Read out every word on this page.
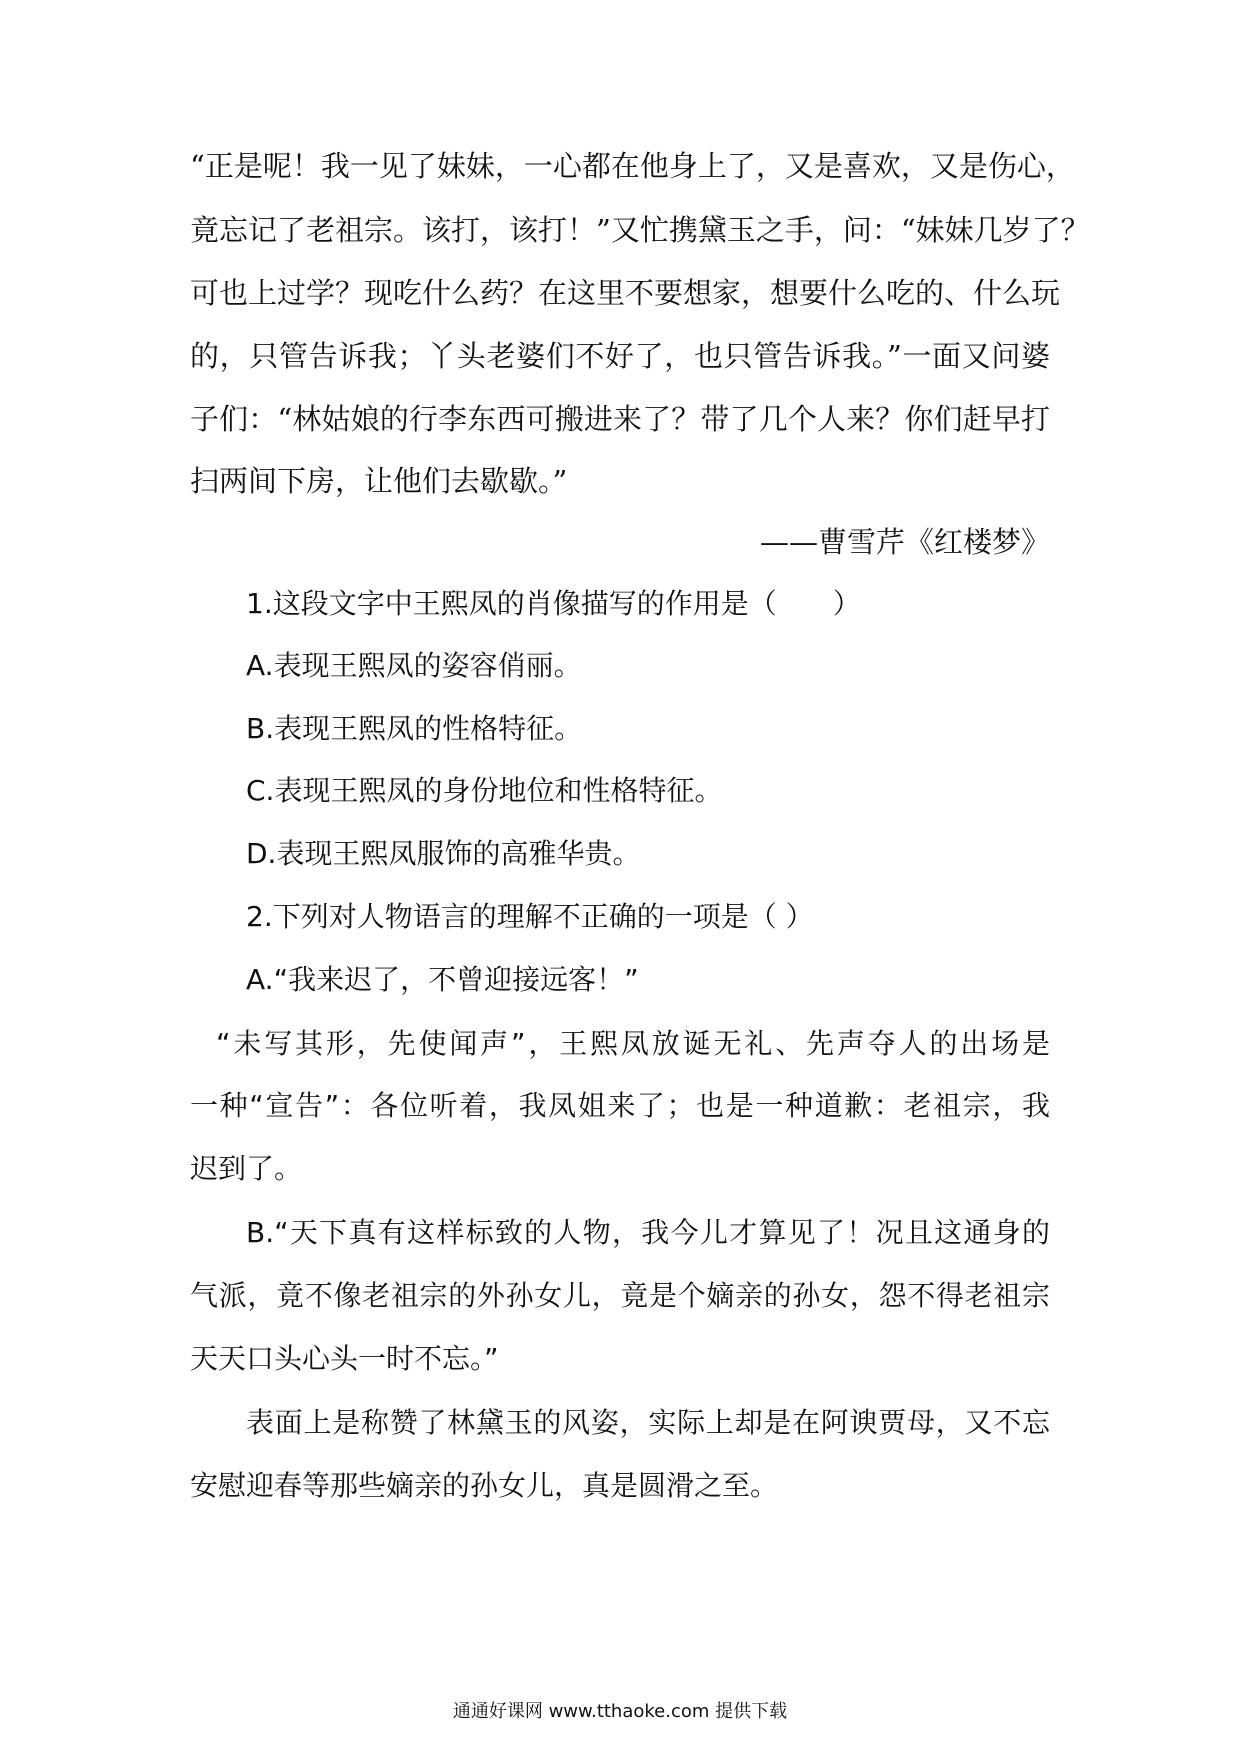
“正是呢！我一见了妹妹，一心都在他身上了，又是喜欢，又是伤心，
竟忘记了老祖宗。该打，该打！”又忙携黛玉之手，问：“妹妹几岁了？
可也上过学？现吃什么药？在这里不要想家，想要什么吃的、什么玩
的，只管告诉我；丫头老婆们不好了，也只管告诉我。”一面又问婆
子们：“林姑娘的行李东西可搬进来了？带了几个人来？你们赶早打
扫两间下房，让他们去歇歇。”
——曹雪芹《红楼梦》
1.这段文字中王熙凤的肖像描写的作用是（　　）
A.表现王熙凤的姿容俏丽。
B.表现王熙凤的性格特征。
C.表现王熙凤的身份地位和性格特征。
D.表现王熙凤服饰的高雅华贵。
2.下列对人物语言的理解不正确的一项是（ ）
A.“我来迟了，不曾迎接远客！”
“未写其形，先使闻声”，王熙凤放诞无礼、先声夺人的出场是
一种“宣告”：各位听着，我凤姐来了；也是一种道歉：老祖宗，我
迟到了。
B.“天下真有这样标致的人物，我今儿才算见了！况且这通身的
气派，竟不像老祖宗的外孙女儿，竟是个嫡亲的孙女，怨不得老祖宗
天天口头心头一时不忘。”
表面上是称赞了林黛玉的风姿，实际上却是在阿谀贾母，又不忘
安慰迎春等那些嫡亲的孙女儿，真是圆滑之至。
通通好课网 www.tthaoke.com 提供下载
